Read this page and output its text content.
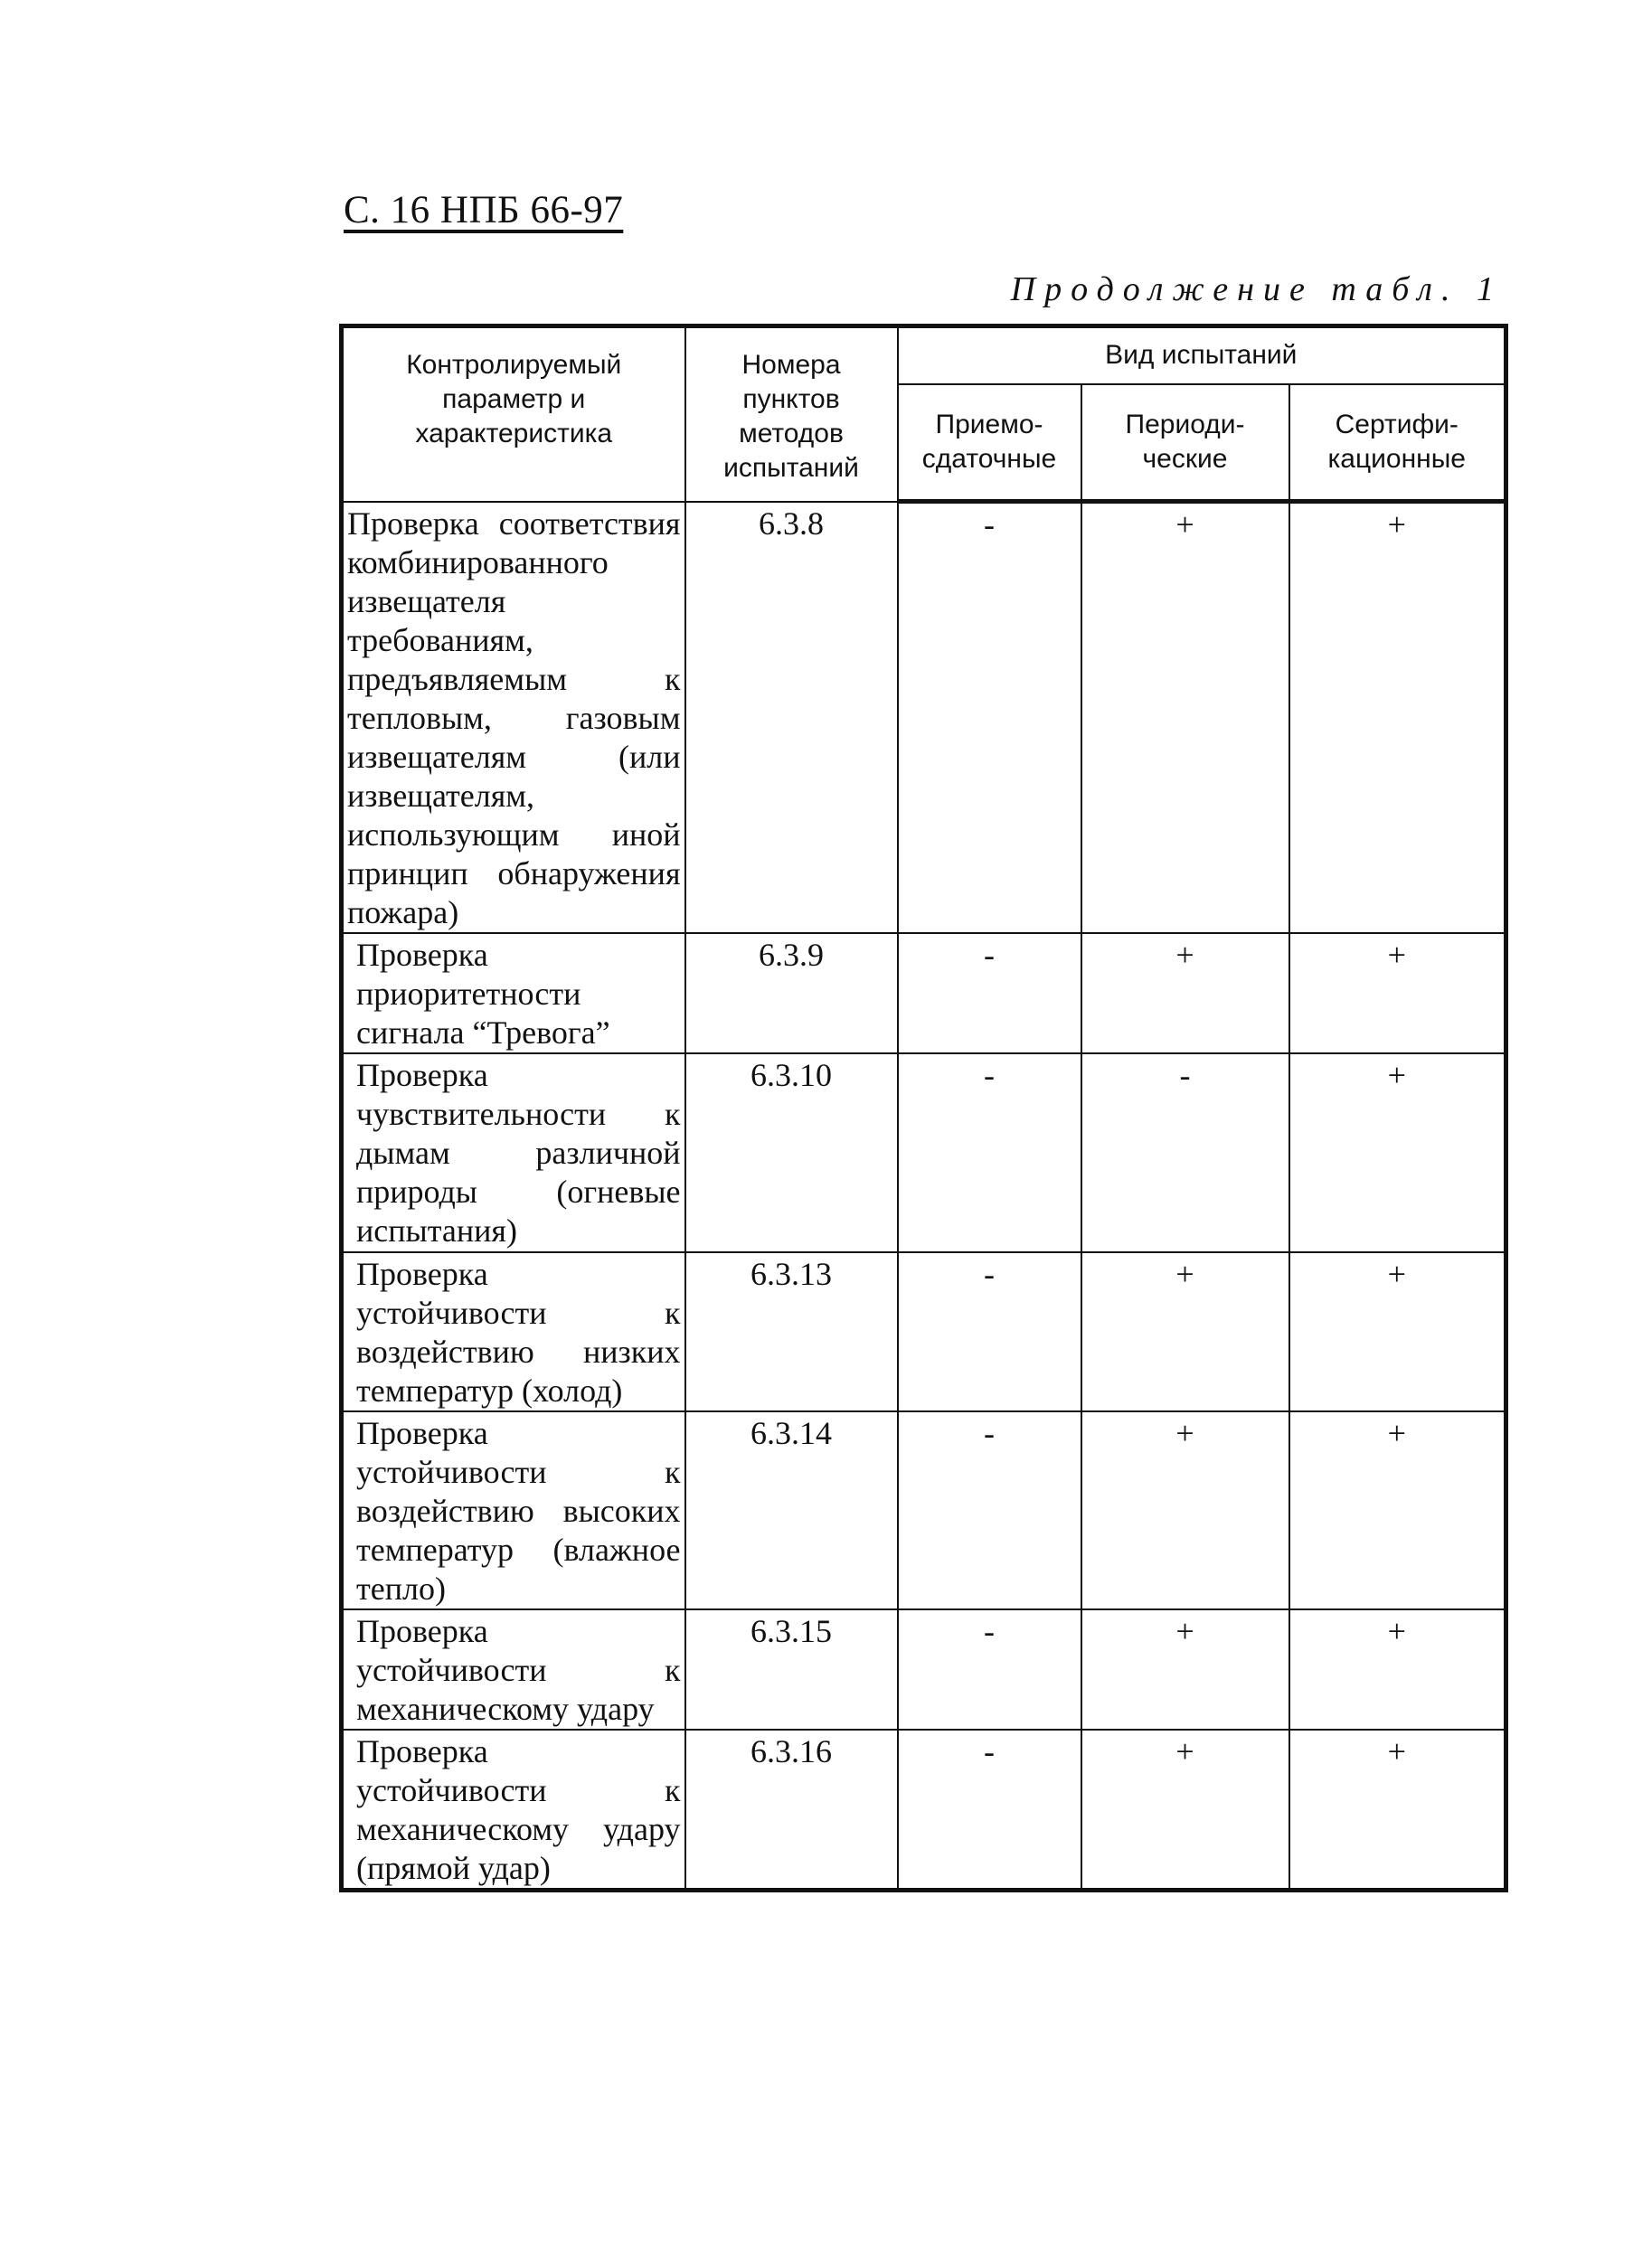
С. 16 НПБ 66-97
Продолжение табл. 1
Контролируемый параметр и характеристика	Номера пунктов методов испытаний	Вид испытаний		
		Приемо-сдаточные	Периоди-ческие	Сертифи-кационные
Проверка соответствия комбинированного извещателя требованиям, предъявляемым к тепловым, газовым извещателям (или извещателям, использующим иной принцип обнаружения пожара)	6.3.8	-	+	+
Проверка приоритетности сигнала “Тревога”	6.3.9	-	+	+
Проверка чувствительности к дымам различной природы (огневые испытания)	6.3.10	-	-	+
Проверка устойчивости к воздействию низких температур (холод)	6.3.13	-	+	+
Проверка устойчивости к воздействию высоких температур (влажное тепло)	6.3.14	-	+	+
Проверка устойчивости к механическому удару	6.3.15	-	+	+
Проверка устойчивости к механическому удару (прямой удар)	6.3.16	-	+	+
